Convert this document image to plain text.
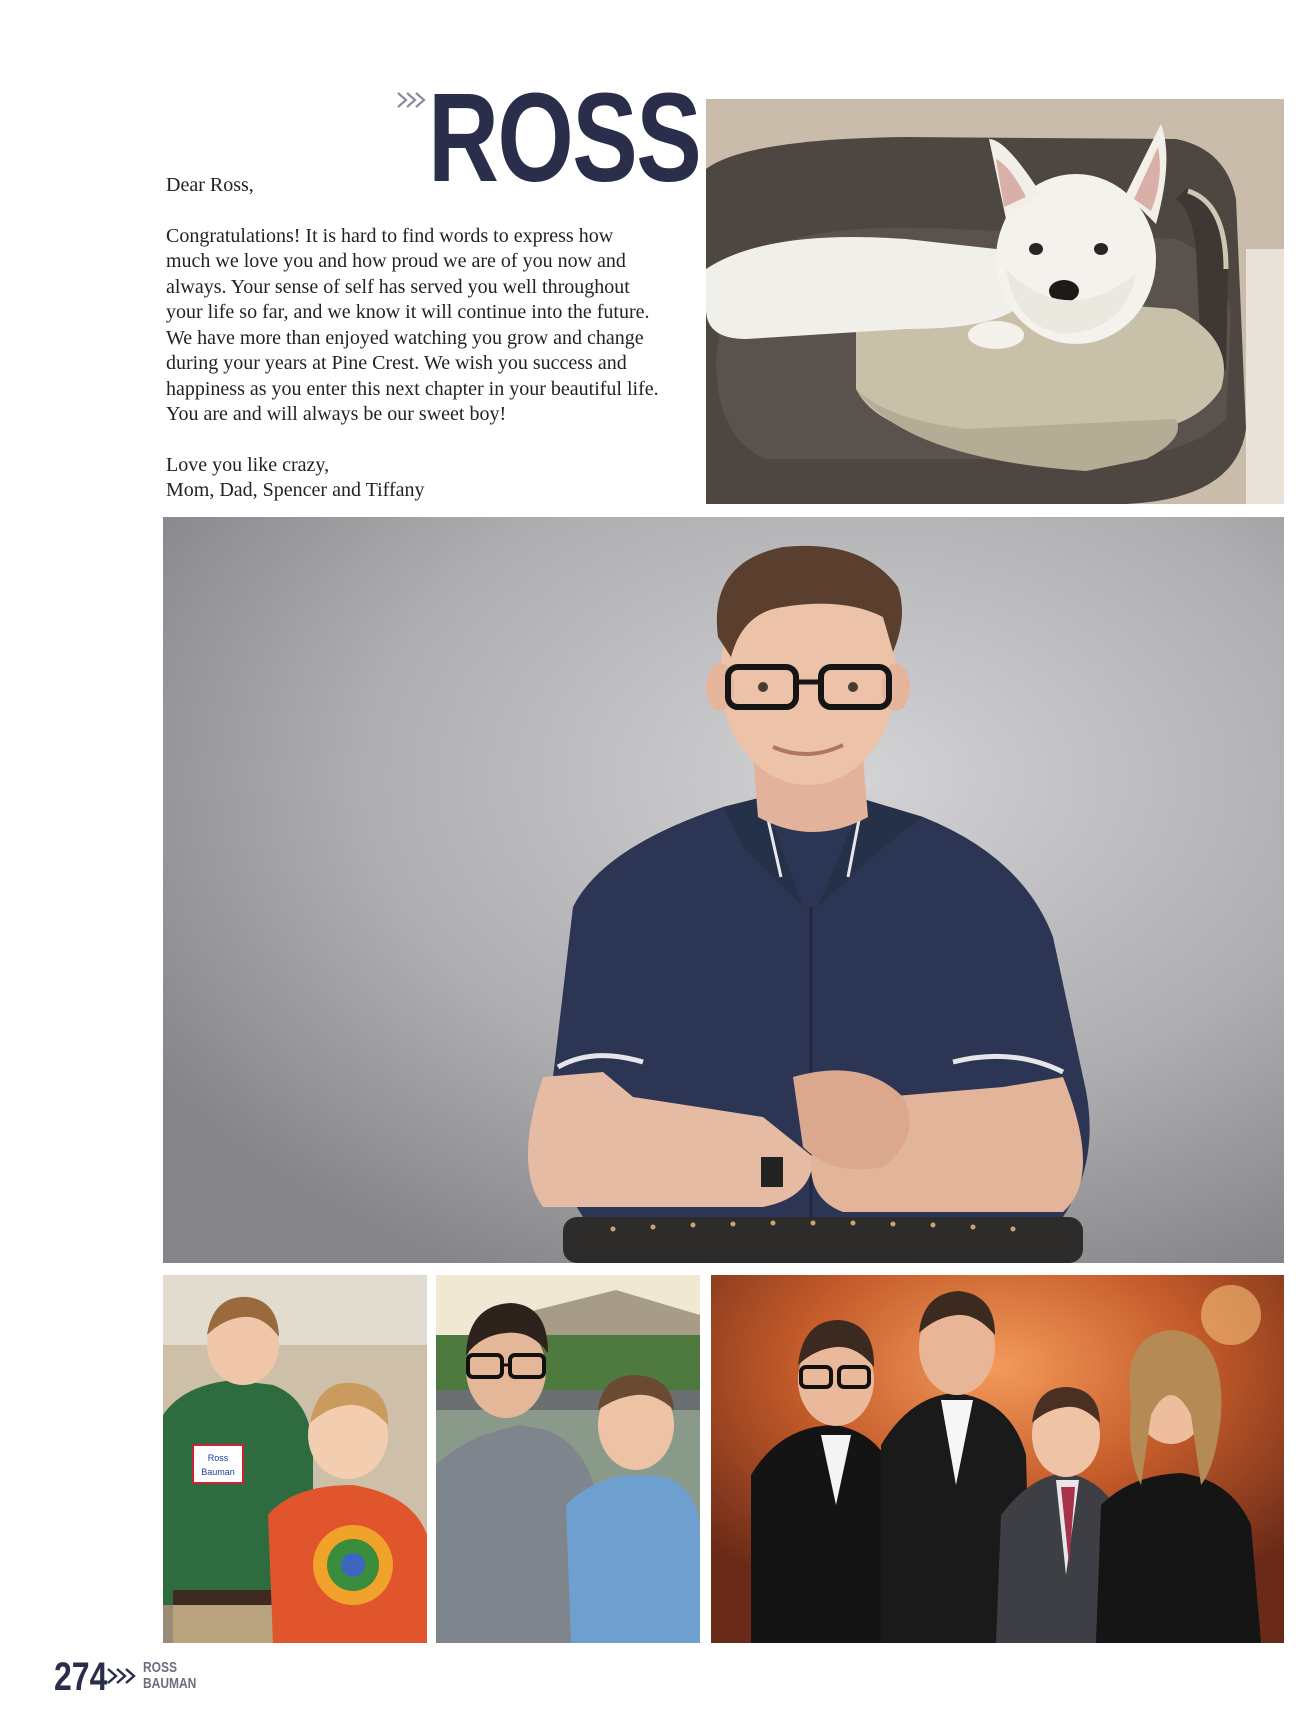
ROSS

Dear Ross,

Congratulations! It is hard to find words to express how

much we love you and how proud we are of you now and

always. Your sense of self has served you well throughout

your life so far, and we know it will continue into the future.

We have more than enjoyed watching you grow and change

during your years at Pine Crest. We wish you success and

happiness as you enter this next chapter in your beautiful life.

You are and will always be our sweet boy!

Love you like crazy,

Mom, Dad, Spencer and Tiffany

Ross
Bauman
274 ROSS
BAUMAN
